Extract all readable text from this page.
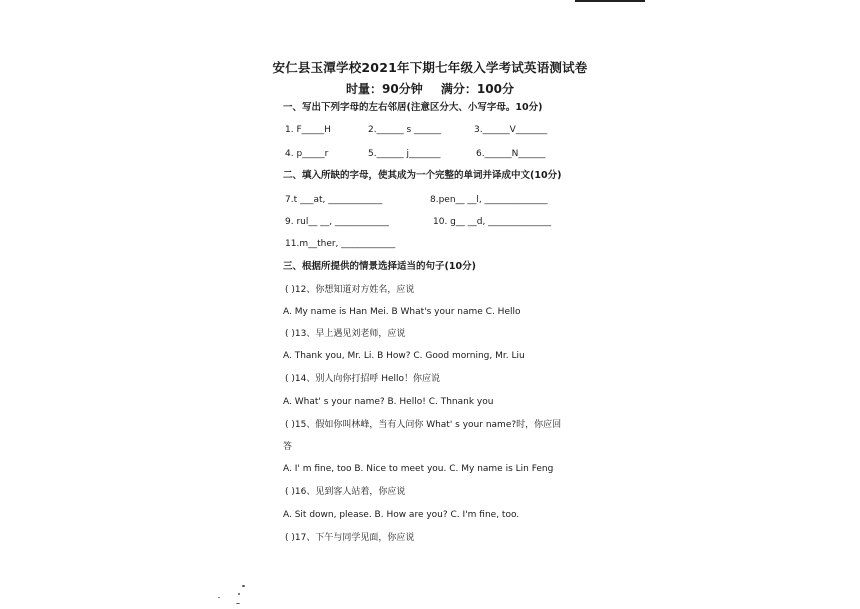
安仁县玉潭学校2021年下期七年级入学考试英语测试卷
时量：90分钟 满分：100分
一、写出下列字母的左右邻居(注意区分大、小写字母。10分)
1. F_____H	2.______ s ______	3.______V_______
4. p_____r	5.______ j_______	6.______N______
二、填入所缺的字母，使其成为一个完整的单词并译成中文(10分)
7.t ___at, ____________	8.pen__ __l, ______________
9. rul__ __, ____________	10. g__ __d, ______________
11.m__ther, ____________
三、根据所提供的情景选择适当的句子(10分)
( )12、你想知道对方姓名，应说
A. My name is Han Mei. B What's your name C. Hello
( )13、早上遇见刘老师，应说
A. Thank you, Mr. Li. B How? C. Good morning, Mr. Liu
( )14、别人向你打招呼 Hello！你应说
A. What' s your name? B. Hello! C. Thnank you
( )15、假如你叫林峰，当有人问你 What' s your name?时，你应回
答
A. I' m fine, too B. Nice to meet you. C. My name is Lin Feng
( )16、见到客人站着，你应说
A. Sit down, please. B. How are you? C. I'm fine, too.
( )17、下午与同学见面，你应说
